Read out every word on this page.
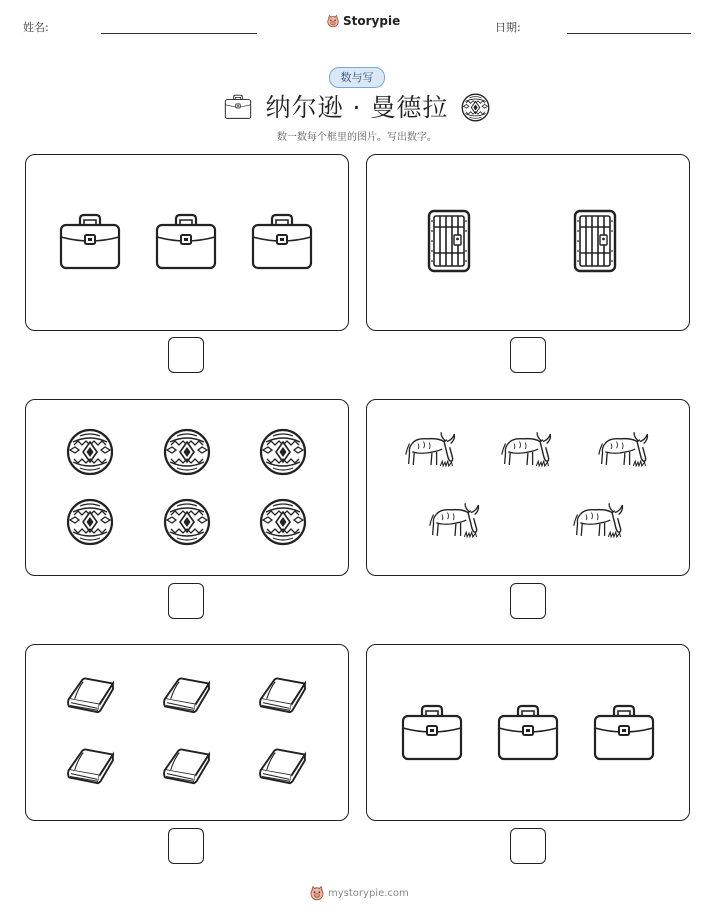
姓名:	Storypie	日期:
数与写
纳尔逊 · 曼德拉
数一数每个框里的图片。写出数字。
mystorypie.com
